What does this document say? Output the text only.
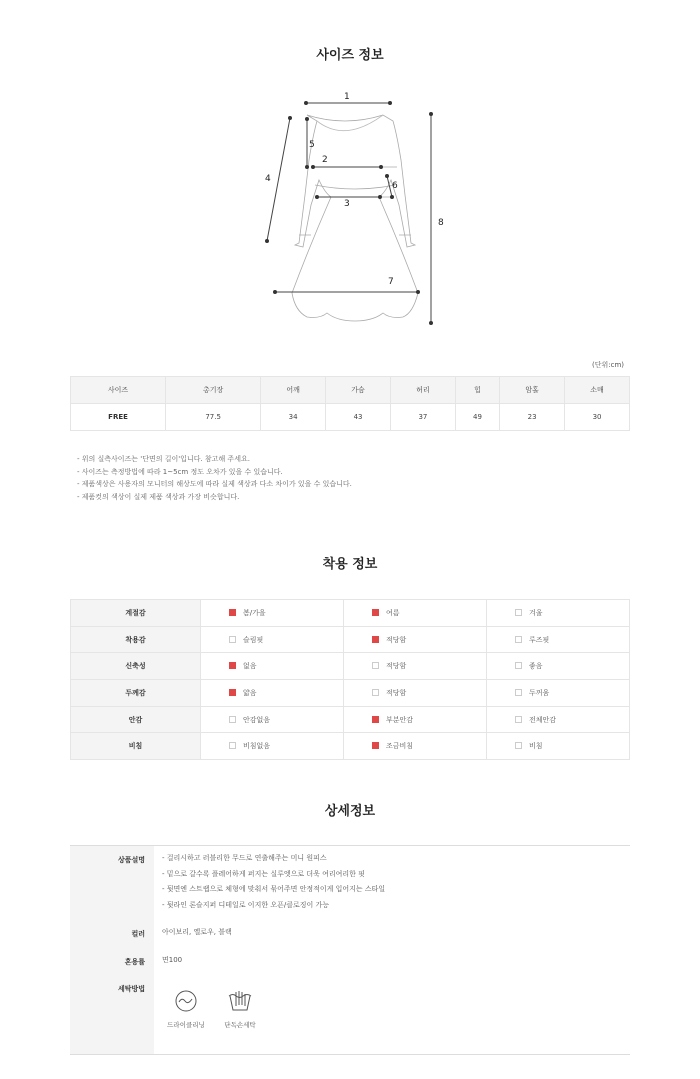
사이즈 정보
1
2
3
4
5
6
7
8
(단위:cm)
사이즈	총기장	어깨	가슴	허리	힙	암홀	소매
FREE	77.5	34	43	37	49	23	30
- 위의 실측사이즈는 '단면의 길이'입니다. 참고해 주세요.
- 사이즈는 측정방법에 따라 1~5cm 정도 오차가 있을 수 있습니다.
- 제품색상은 사용자의 모니터의 해상도에 따라 실제 색상과 다소 차이가 있을 수 있습니다.
- 제품컷의 색상이 실제 제품 색상과 가장 비슷합니다.
착용 정보
계절감	봄/가을	여름	겨울
착용감	슬림핏	적당함	루즈핏
신축성	없음	적당함	좋음
두께감	얇음	적당함	두꺼움
안감	안감없음	부분안감	전체안감
비침	비침없음	조금비침	비침
상세정보
상품설명 - 걸리시하고 러블리한 무드로 연출해주는 미니 원피스
- 밑으로 갈수록 플레어하게 퍼지는 실루엣으로 더욱 여리여리한 핏
- 뒷면엔 스트랩으로 체형에 맞춰서 묶어주면 안정적이게 입어지는 스타일
- 뒷라인 론슬지퍼 디테일로 이지한 오픈/클로징이 가능
컬러 아이보리, 옐로우, 블랙
혼용률 면100
세탁방법
드라이클리닝	단독손세탁
